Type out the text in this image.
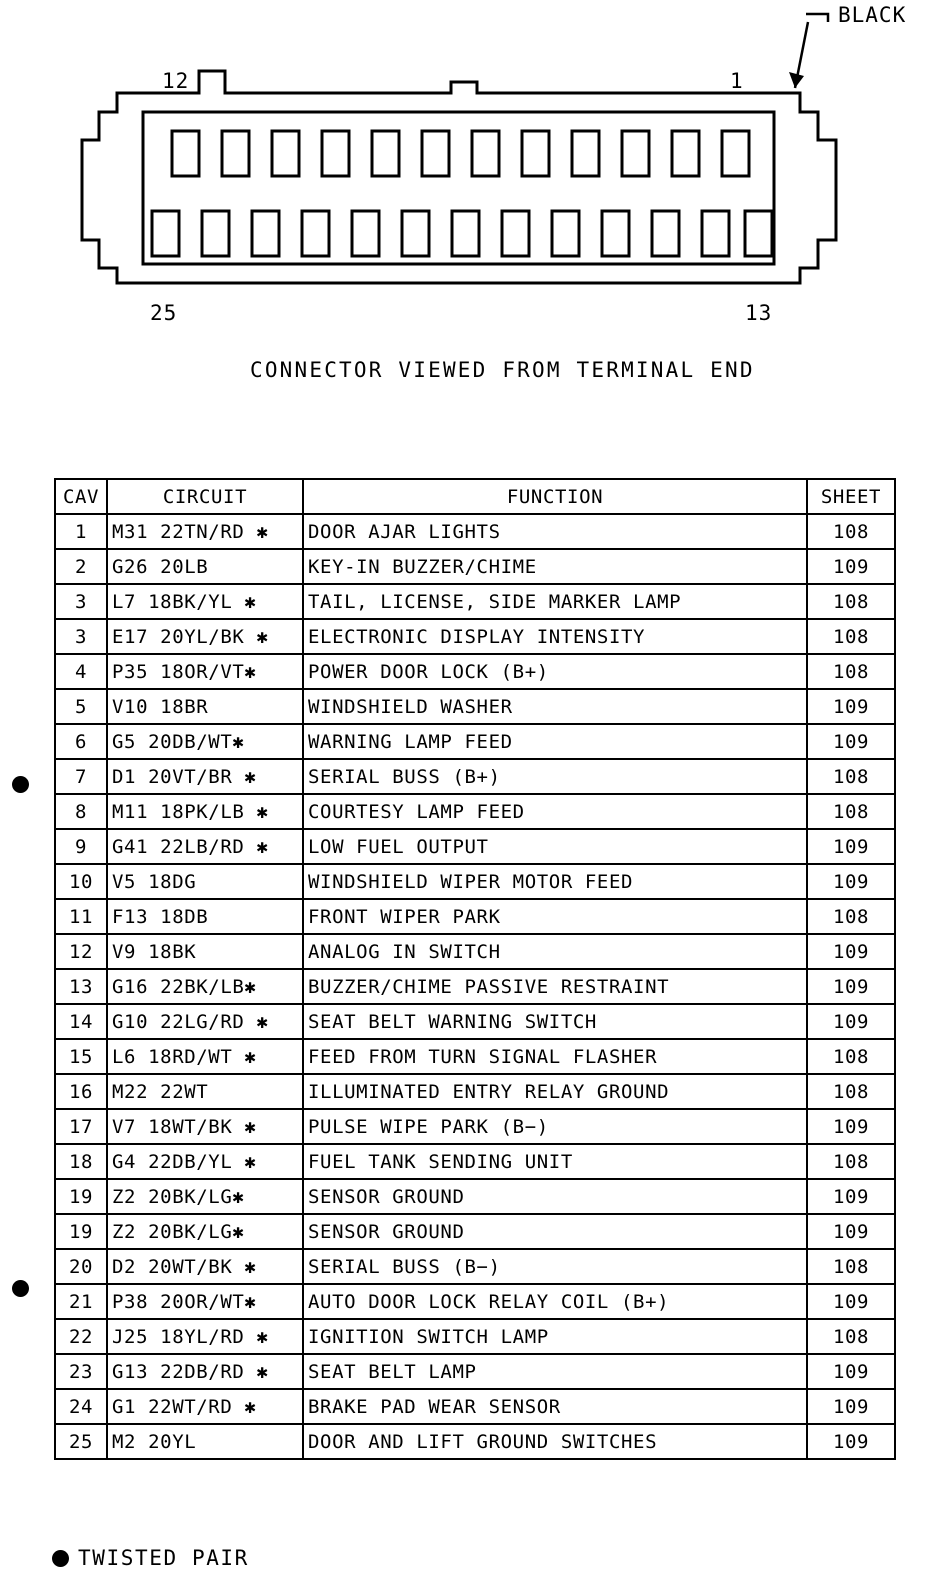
BLACK
12	1
25	13
CONNECTOR VIEWED FROM TERMINAL END
CAV	CIRCUIT	FUNCTION	SHEET
1	M31 22TN/RD ✱	DOOR AJAR LIGHTS	108
2	G26 20LB	KEY-IN BUZZER/CHIME	109
3	L7 18BK/YL ✱	TAIL, LICENSE, SIDE MARKER LAMP	108
3	E17 20YL/BK ✱	ELECTRONIC DISPLAY INTENSITY	108
4	P35 18OR/VT✱	POWER DOOR LOCK (B+)	108
5	V10 18BR	WINDSHIELD WASHER	109
6	G5 20DB/WT✱	WARNING LAMP FEED	109
7	D1 20VT/BR ✱	SERIAL BUSS (B+)	108
8	M11 18PK/LB ✱	COURTESY LAMP FEED	108
9	G41 22LB/RD ✱	LOW FUEL OUTPUT	109
10	V5 18DG	WINDSHIELD WIPER MOTOR FEED	109
11	F13 18DB	FRONT WIPER PARK	108
12	V9 18BK	ANALOG IN SWITCH	109
13	G16 22BK/LB✱	BUZZER/CHIME PASSIVE RESTRAINT	109
14	G10 22LG/RD ✱	SEAT BELT WARNING SWITCH	109
15	L6 18RD/WT ✱	FEED FROM TURN SIGNAL FLASHER	108
16	M22 22WT	ILLUMINATED ENTRY RELAY GROUND	108
17	V7 18WT/BK ✱	PULSE WIPE PARK (B−)	109
18	G4 22DB/YL ✱	FUEL TANK SENDING UNIT	108
19	Z2 20BK/LG✱	SENSOR GROUND	109
19	Z2 20BK/LG✱	SENSOR GROUND	109
20	D2 20WT/BK ✱	SERIAL BUSS (B−)	108
21	P38 20OR/WT✱	AUTO DOOR LOCK RELAY COIL (B+)	109
22	J25 18YL/RD ✱	IGNITION SWITCH LAMP	108
23	G13 22DB/RD ✱	SEAT BELT LAMP	109
24	G1 22WT/RD ✱	BRAKE PAD WEAR SENSOR	109
25	M2 20YL	DOOR AND LIFT GROUND SWITCHES	109
TWISTED PAIR
